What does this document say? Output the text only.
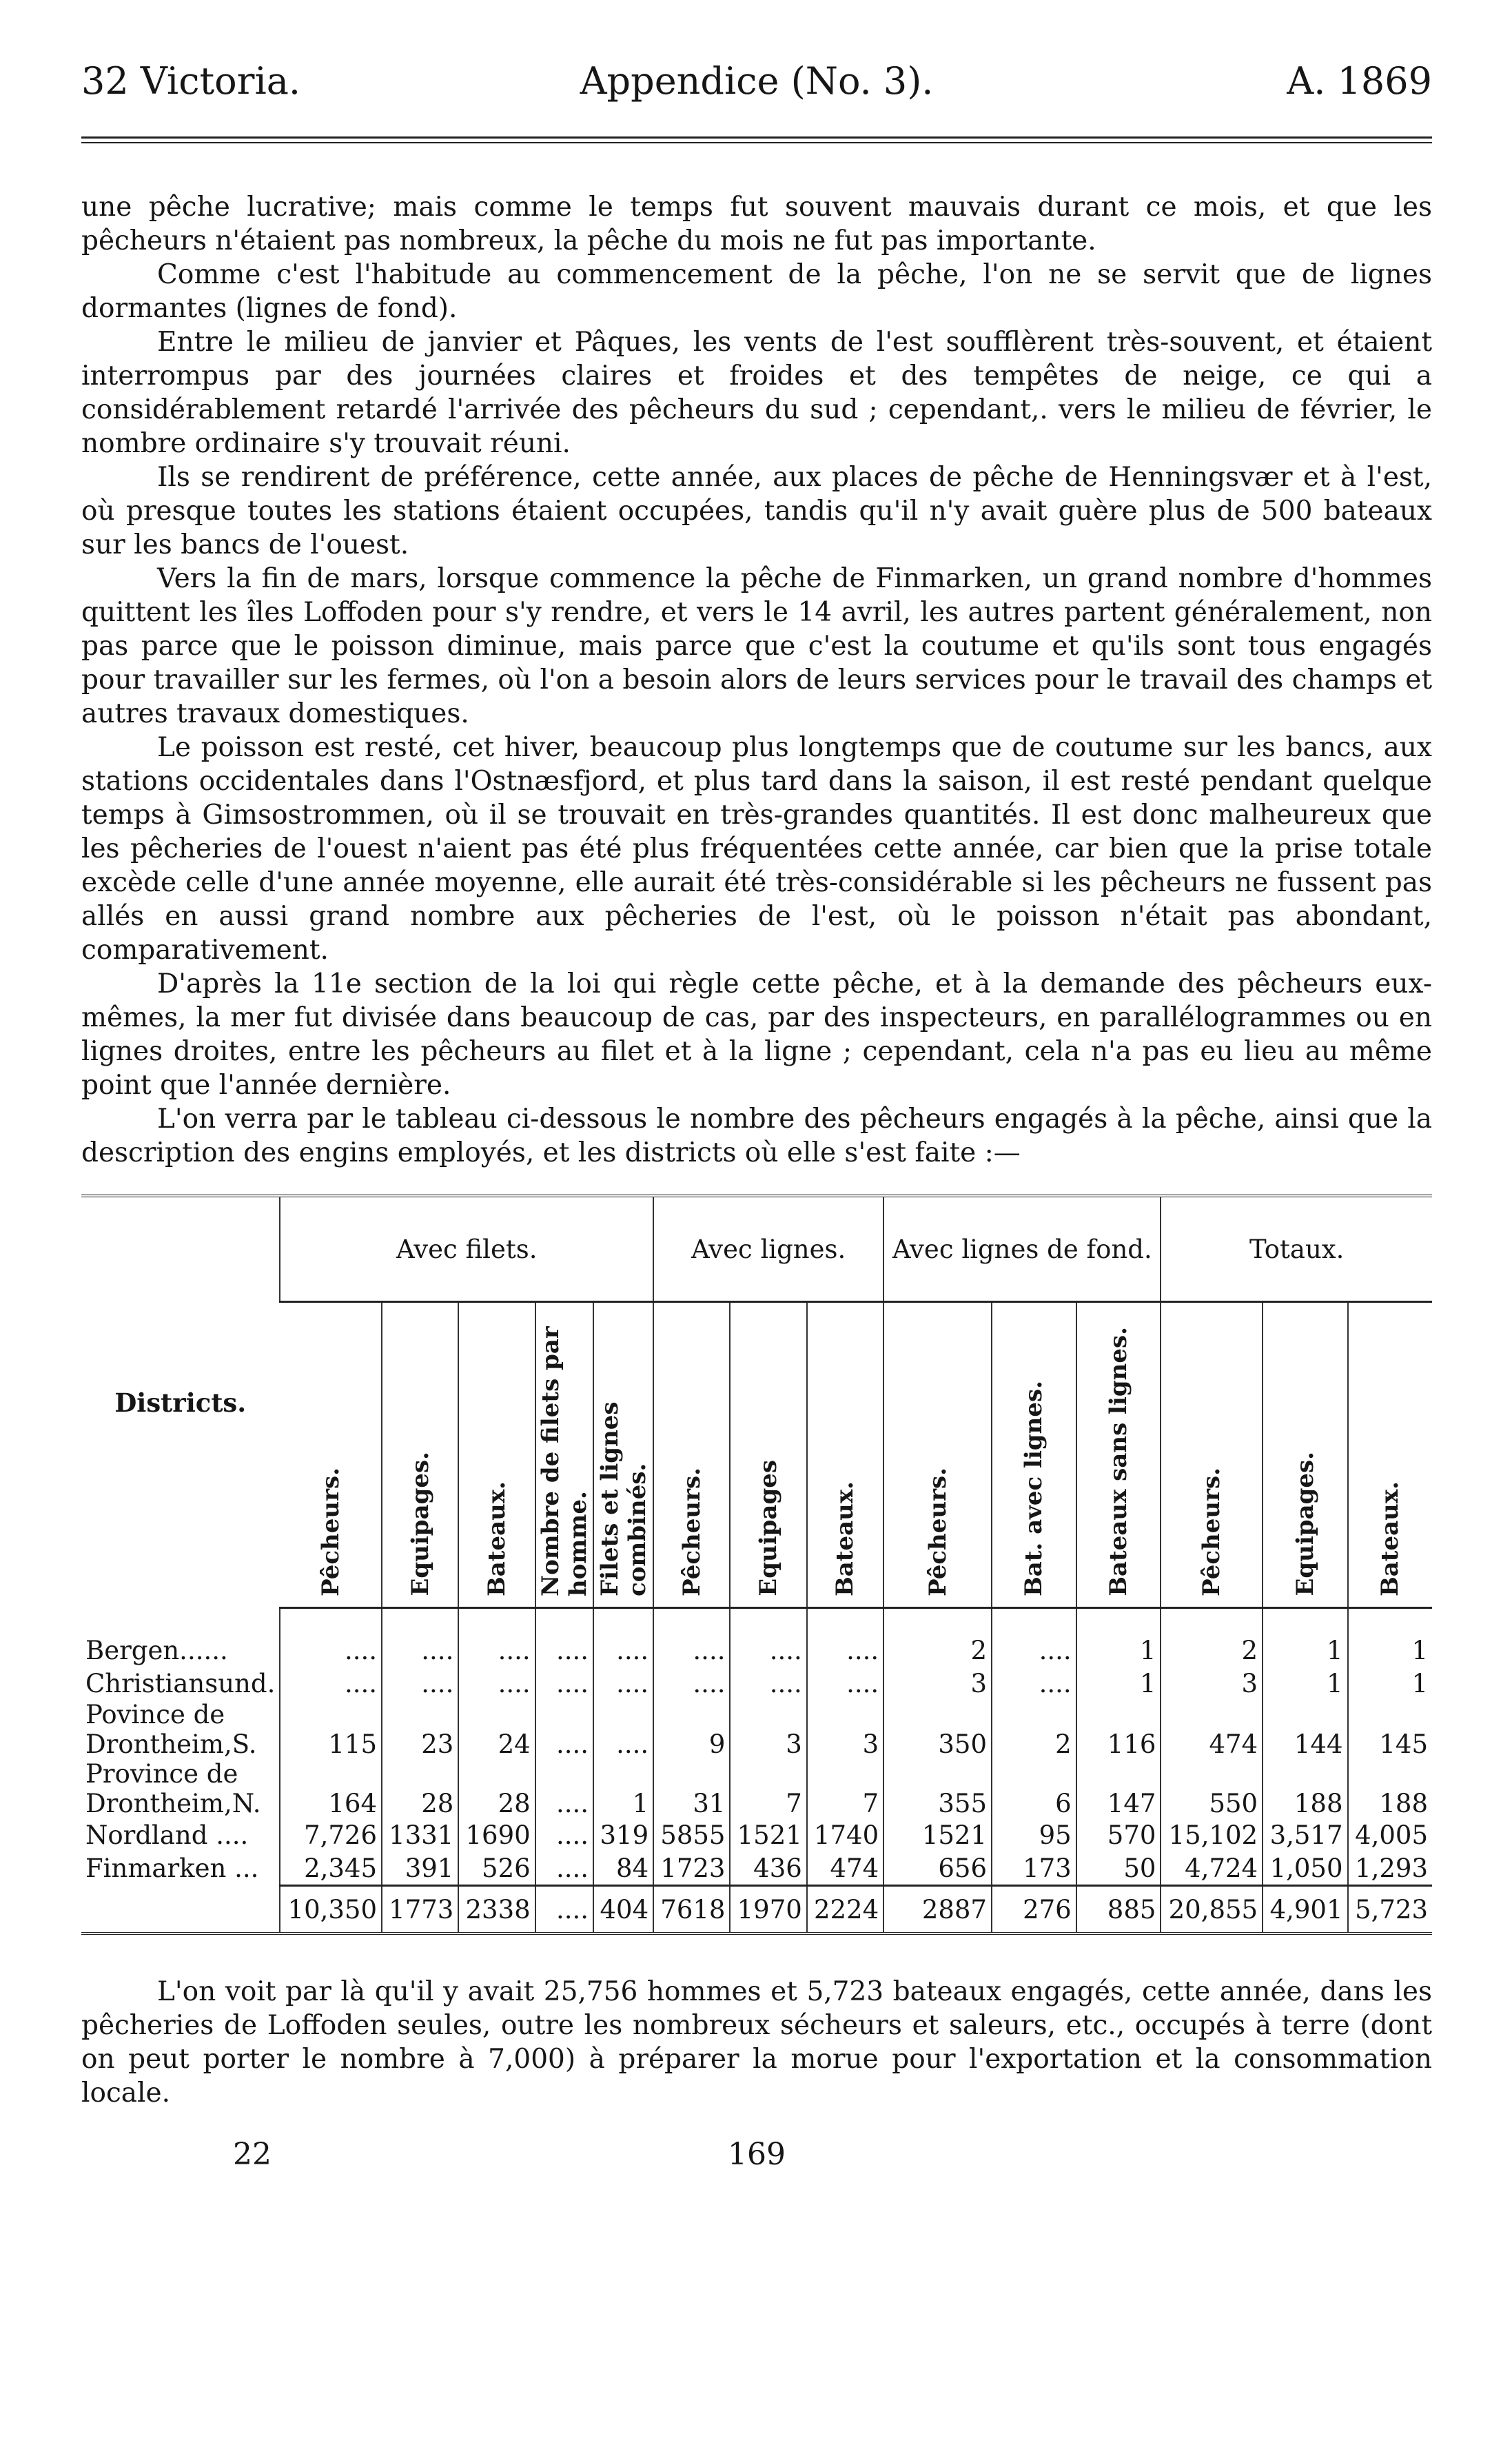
32 Victoria.	Appendice (No. 3).	A. 1869

une pêche lucrative; mais comme le temps fut souvent mauvais durant ce mois, et que les pêcheurs n'étaient pas nombreux, la pêche du mois ne fut pas importante.

Comme c'est l'habitude au commencement de la pêche, l'on ne se servit que de lignes dormantes (lignes de fond).

Entre le milieu de janvier et Pâques, les vents de l'est soufflèrent très-souvent, et étaient interrompus par des journées claires et froides et des tempêtes de neige, ce qui a considérablement retardé l'arrivée des pêcheurs du sud ; cependant,. vers le milieu de février, le nombre ordinaire s'y trouvait réuni.

Ils se rendirent de préférence, cette année, aux places de pêche de Henningsvær et à l'est, où presque toutes les stations étaient occupées, tandis qu'il n'y avait guère plus de 500 bateaux sur les bancs de l'ouest.

Vers la fin de mars, lorsque commence la pêche de Finmarken, un grand nombre d'hommes quittent les îles Loffoden pour s'y rendre, et vers le 14 avril, les autres partent généralement, non pas parce que le poisson diminue, mais parce que c'est la coutume et qu'ils sont tous engagés pour travailler sur les fermes, où l'on a besoin alors de leurs services pour le travail des champs et autres travaux domestiques.

Le poisson est resté, cet hiver, beaucoup plus longtemps que de coutume sur les bancs, aux stations occidentales dans l'Ostnæsfjord, et plus tard dans la saison, il est resté pendant quelque temps à Gimsostrommen, où il se trouvait en très-grandes quantités. Il est donc malheureux que les pêcheries de l'ouest n'aient pas été plus fréquentées cette année, car bien que la prise totale excède celle d'une année moyenne, elle aurait été très-considérable si les pêcheurs ne fussent pas allés en aussi grand nombre aux pêcheries de l'est, où le poisson n'était pas abondant, comparativement.

D'après la 11e section de la loi qui règle cette pêche, et à la demande des pêcheurs eux-mêmes, la mer fut divisée dans beaucoup de cas, par des inspecteurs, en parallélogrammes ou en lignes droites, entre les pêcheurs au filet et à la ligne ; cependant, cela n'a pas eu lieu au même point que l'année dernière.

L'on verra par le tableau ci-dessous le nombre des pêcheurs engagés à la pêche, ainsi que la description des engins employés, et les districts où elle s'est faite :—

Districts.	Avec filets.					Avec lignes.			Avec lignes de fond.			Totaux.		
	Pêcheurs.	Equipages.	Bateaux.	Nombre de filets par homme.	Filets et lignes combinés.	Pêcheurs.	Equipages	Bateaux.	Pêcheurs.	Bat. avec lignes.	Bateaux sans lignes.	Pêcheurs.	Equipages.	Bateaux.

Bergen......	....	....	....	....	....	....	....	....	2	....	1	2	1	1

Christiansund.	....	....	....	....	....	....	....	....	3	....	1	3	1	1

Povince de
Drontheim,S.	115	23	24	....	....	9	3	3	350	2	116	474	144	145

Province de
Drontheim,N.	164	28	28	....	1	31	7	7	355	6	147	550	188	188

Nordland ....	7,726	1331	1690	....	319	5855	1521	1740	1521	95	570	15,102	3,517	4,005

Finmarken ...	2,345	391	526	....	84	1723	436	474	656	173	50	4,724	1,050	1,293
	10,350	1773	2338	....	404	7618	1970	2224	2887	276	885	20,855	4,901	5,723

L'on voit par là qu'il y avait 25,756 hommes et 5,723 bateaux engagés, cette année, dans les pêcheries de Loffoden seules, outre les nombreux sécheurs et saleurs, etc., occupés à terre (dont on peut porter le nombre à 7,000) à préparer la morue pour l'exportation et la consommation locale.

22	169
